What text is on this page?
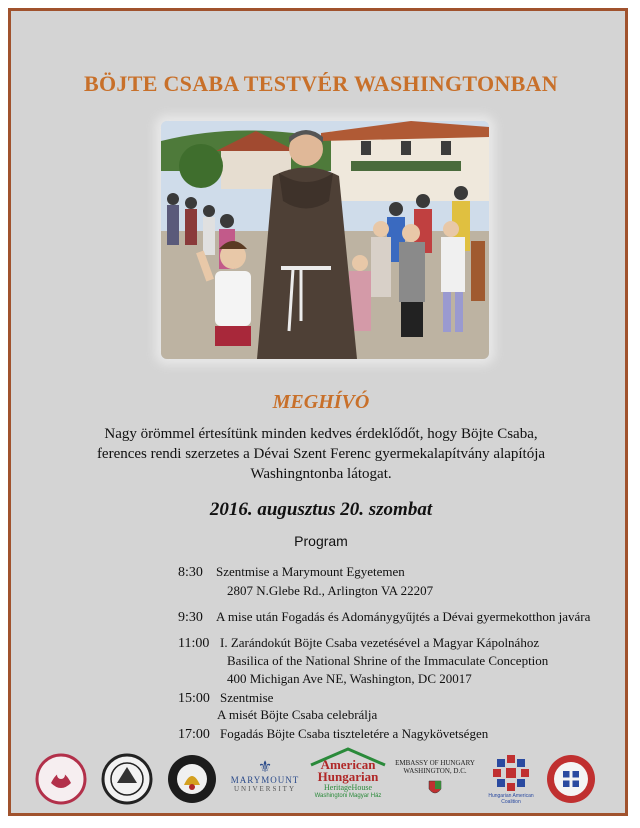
BÖJTE CSABA TESTVÉR WASHINGTONBAN
MEGHÍVÓ

Nagy örömmel értesítünk minden kedves érdeklődőt, hogy Böjte Csaba,
ferences rendi szerzetes a Dévai Szent Ferenc gyermekalapítvány alapítója
Washingntonba látogat.

2016. augusztus 20. szombat

Program

8:30 Szentmise a Marymount Egyetemen
2807 N.Glebe Rd., Arlington VA 22207
9:30 A mise után Fogadás és Adománygyűjtés a Dévai gyermekotthon javára
11:00 I. Zarándokút Böjte Csaba vezetésével a Magyar Kápolnához
Basilica of the National Shrine of the Immaculate Conception
400 Michigan Ave NE, Washington, DC 20017
15:00 Szentmise
A misét Böjte Csaba celebrálja
17:00 Fogadás Böjte Csaba tiszteletére a Nagykövetségen
⚜
MARYMOUNT
UNIVERSITY
American
Hungarian
HeritageHouse
Washingtoni Magyar Ház
EMBASSY OF HUNGARY
WASHINGTON, D.C.
Hungarian American
Coalition
